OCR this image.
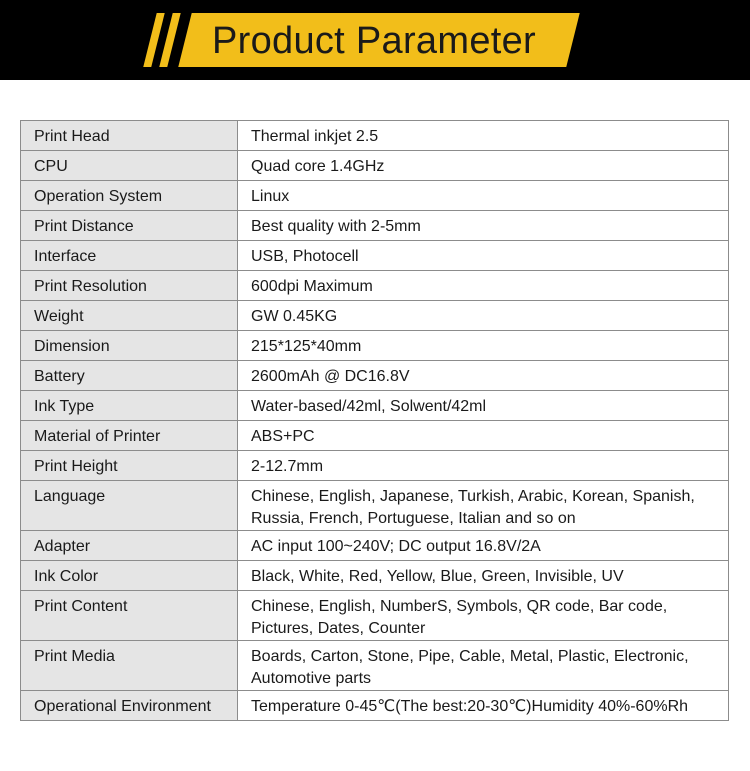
Product Parameter
Print Head	Thermal inkjet 2.5
CPU	Quad core 1.4GHz
Operation System	Linux
Print Distance	Best quality with 2-5mm
Interface	USB, Photocell
Print Resolution	600dpi Maximum
Weight	GW 0.45KG
Dimension	215*125*40mm
Battery	2600mAh @ DC16.8V
Ink Type	Water-based/42ml, Solwent/42ml
Material of Printer	ABS+PC
Print Height	2-12.7mm
Language	Chinese, English, Japanese, Turkish, Arabic, Korean, Spanish, Russia, French, Portuguese, Italian and so on
Adapter	AC input 100~240V; DC output 16.8V/2A
Ink Color	Black, White, Red, Yellow, Blue, Green, Invisible, UV
Print Content	Chinese, English, NumberS, Symbols, QR code, Bar code, Pictures, Dates, Counter
Print Media	Boards, Carton, Stone, Pipe, Cable, Metal, Plastic, Electronic, Automotive parts
Operational Environment	Temperature 0-45℃(The best:20-30℃)Humidity 40%-60%Rh
